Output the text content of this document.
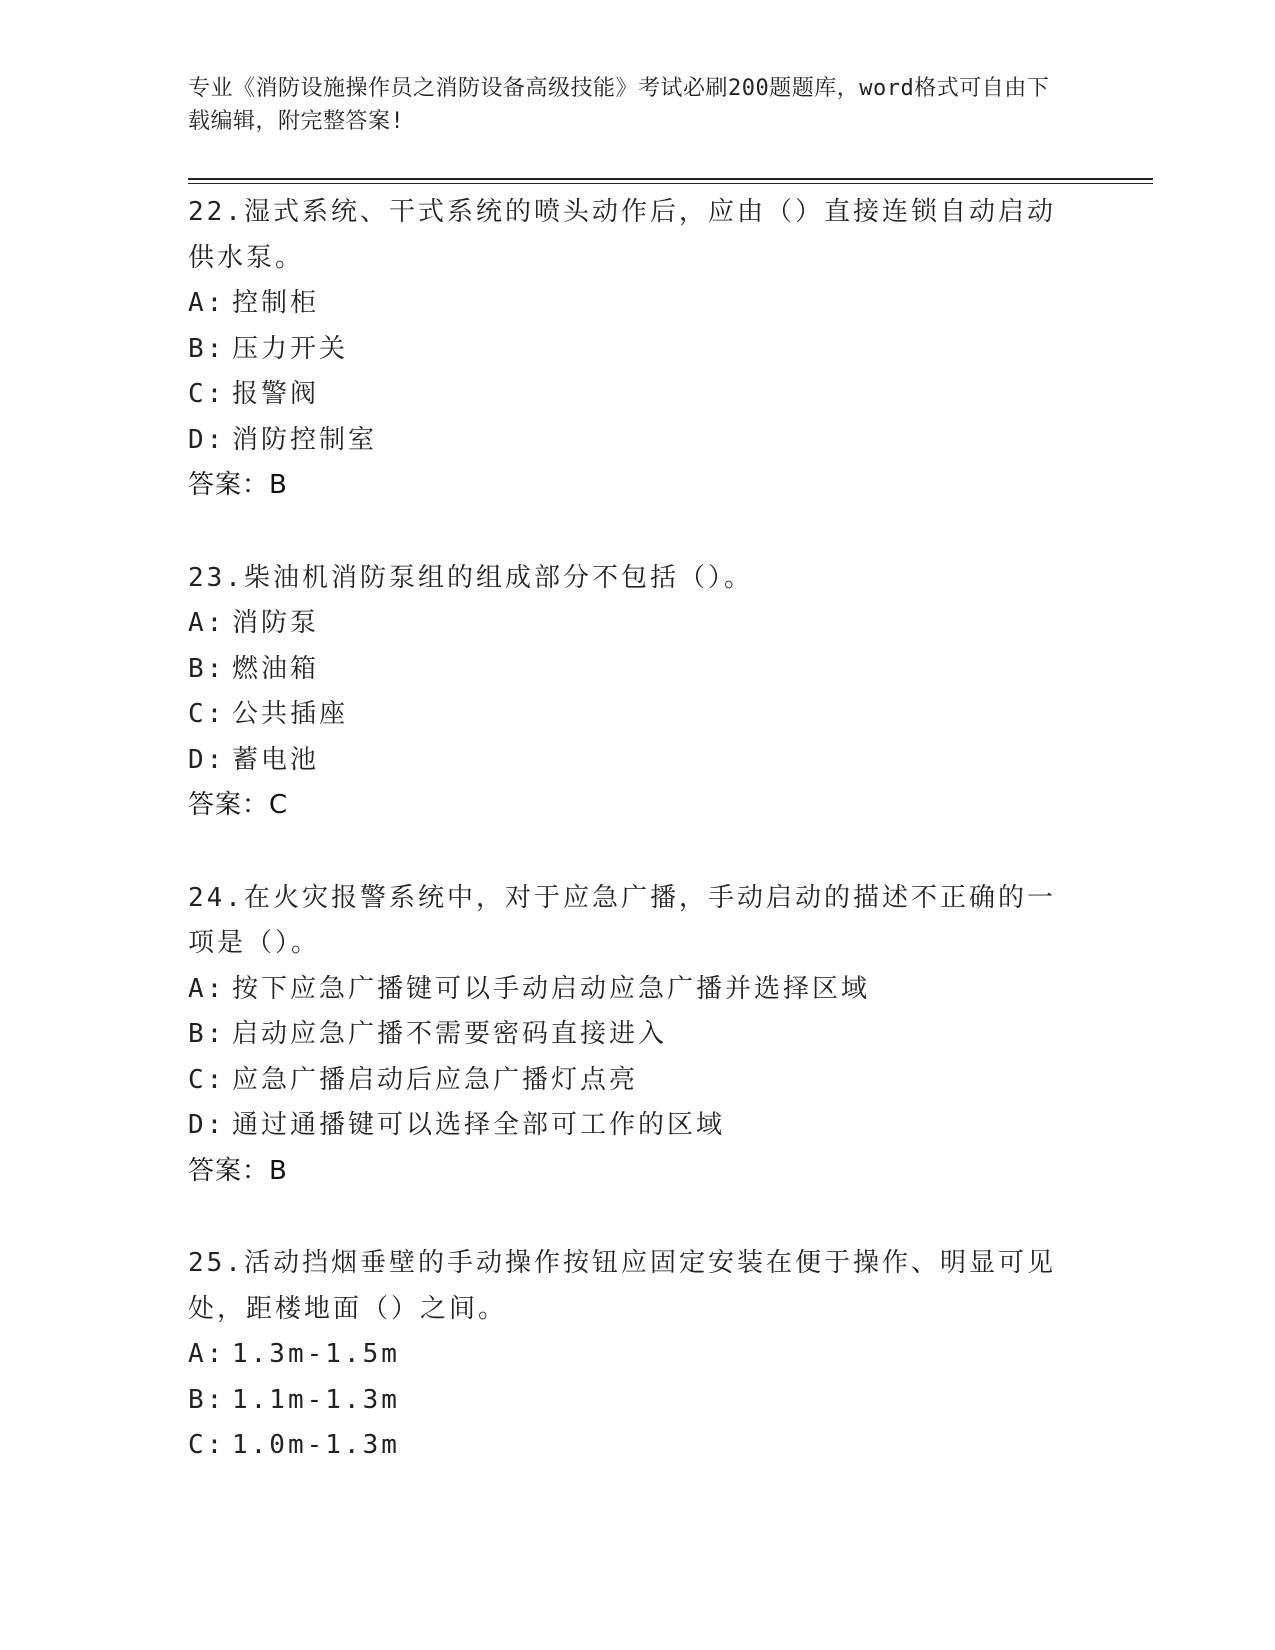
专业《消防设施操作员之消防设备高级技能》考试必刷200题题库，word格式可自由下载编辑，附完整答案!
22.湿式系统、干式系统的喷头动作后，应由（）直接连锁自动启动供水泵。
A: 控制柜
B: 压力开关
C: 报警阀
D: 消防控制室
答案：B
23.柴油机消防泵组的组成部分不包括（）。
A: 消防泵
B: 燃油箱
C: 公共插座
D: 蓄电池
答案：C
24.在火灾报警系统中，对于应急广播，手动启动的描述不正确的一项是（）。
A: 按下应急广播键可以手动启动应急广播并选择区域
B: 启动应急广播不需要密码直接进入
C: 应急广播启动后应急广播灯点亮
D: 通过通播键可以选择全部可工作的区域
答案：B
25.活动挡烟垂壁的手动操作按钮应固定安装在便于操作、明显可见处，距楼地面（）之间。
A: 1.3m-1.5m
B: 1.1m-1.3m
C: 1.0m-1.3m
